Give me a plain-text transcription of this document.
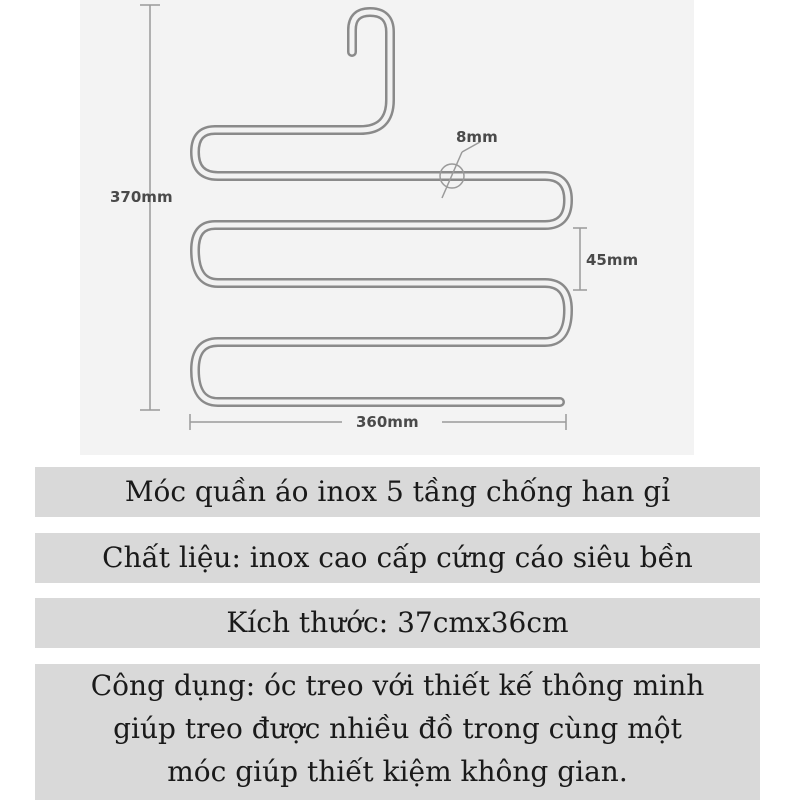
370mm
8mm
45mm
360mm
Móc quần áo inox 5 tầng chống han gỉ
Chất liệu: inox cao cấp cứng cáo siêu bền
Kích thước: 37cmx36cm
Công dụng: óc treo với thiết kế thông minh
giúp treo được nhiều đồ trong cùng một
móc giúp thiết kiệm không gian.
